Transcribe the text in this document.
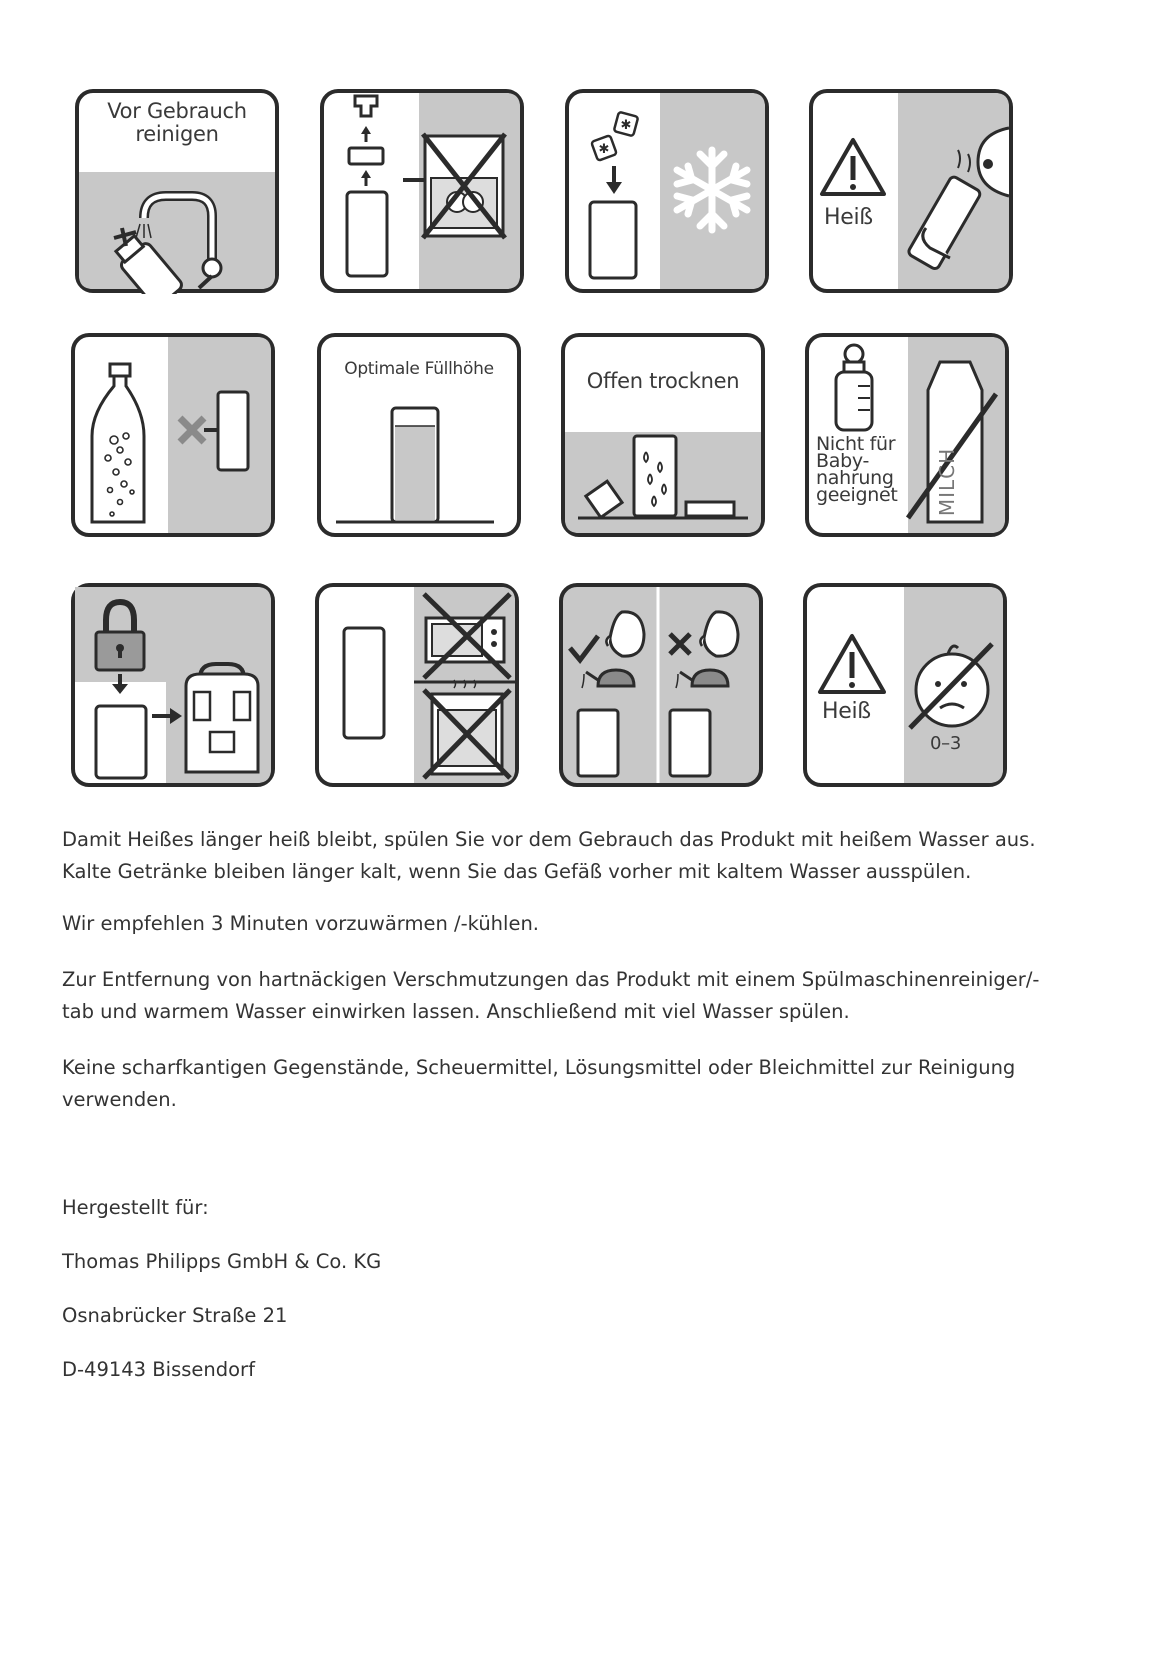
Vor Gebrauch reinigen	✱
✱
Heiß
Optimale Füllhöhe	Offen trocknen
MILCH
Nicht für Baby-nahrung geeignet
Heiß
0–3

Damit Heißes länger heiß bleibt, spülen Sie vor dem Gebrauch das Produkt mit heißem Wasser aus. Kalte Getränke bleiben länger kalt, wenn Sie das Gefäß vorher mit kaltem Wasser ausspülen.

Wir empfehlen 3 Minuten vorzuwärmen /-kühlen.

Zur Entfernung von hartnäckigen Verschmutzungen das Produkt mit einem Spülmaschinenreiniger/-tab und warmem Wasser einwirken lassen. Anschließend mit viel Wasser spülen.

Keine scharfkantigen Gegenstände, Scheuermittel, Lösungsmittel oder Bleichmittel zur Reinigung verwenden.

Hergestellt für:

Thomas Philipps GmbH & Co. KG

Osnabrücker Straße 21

D-49143 Bissendorf
